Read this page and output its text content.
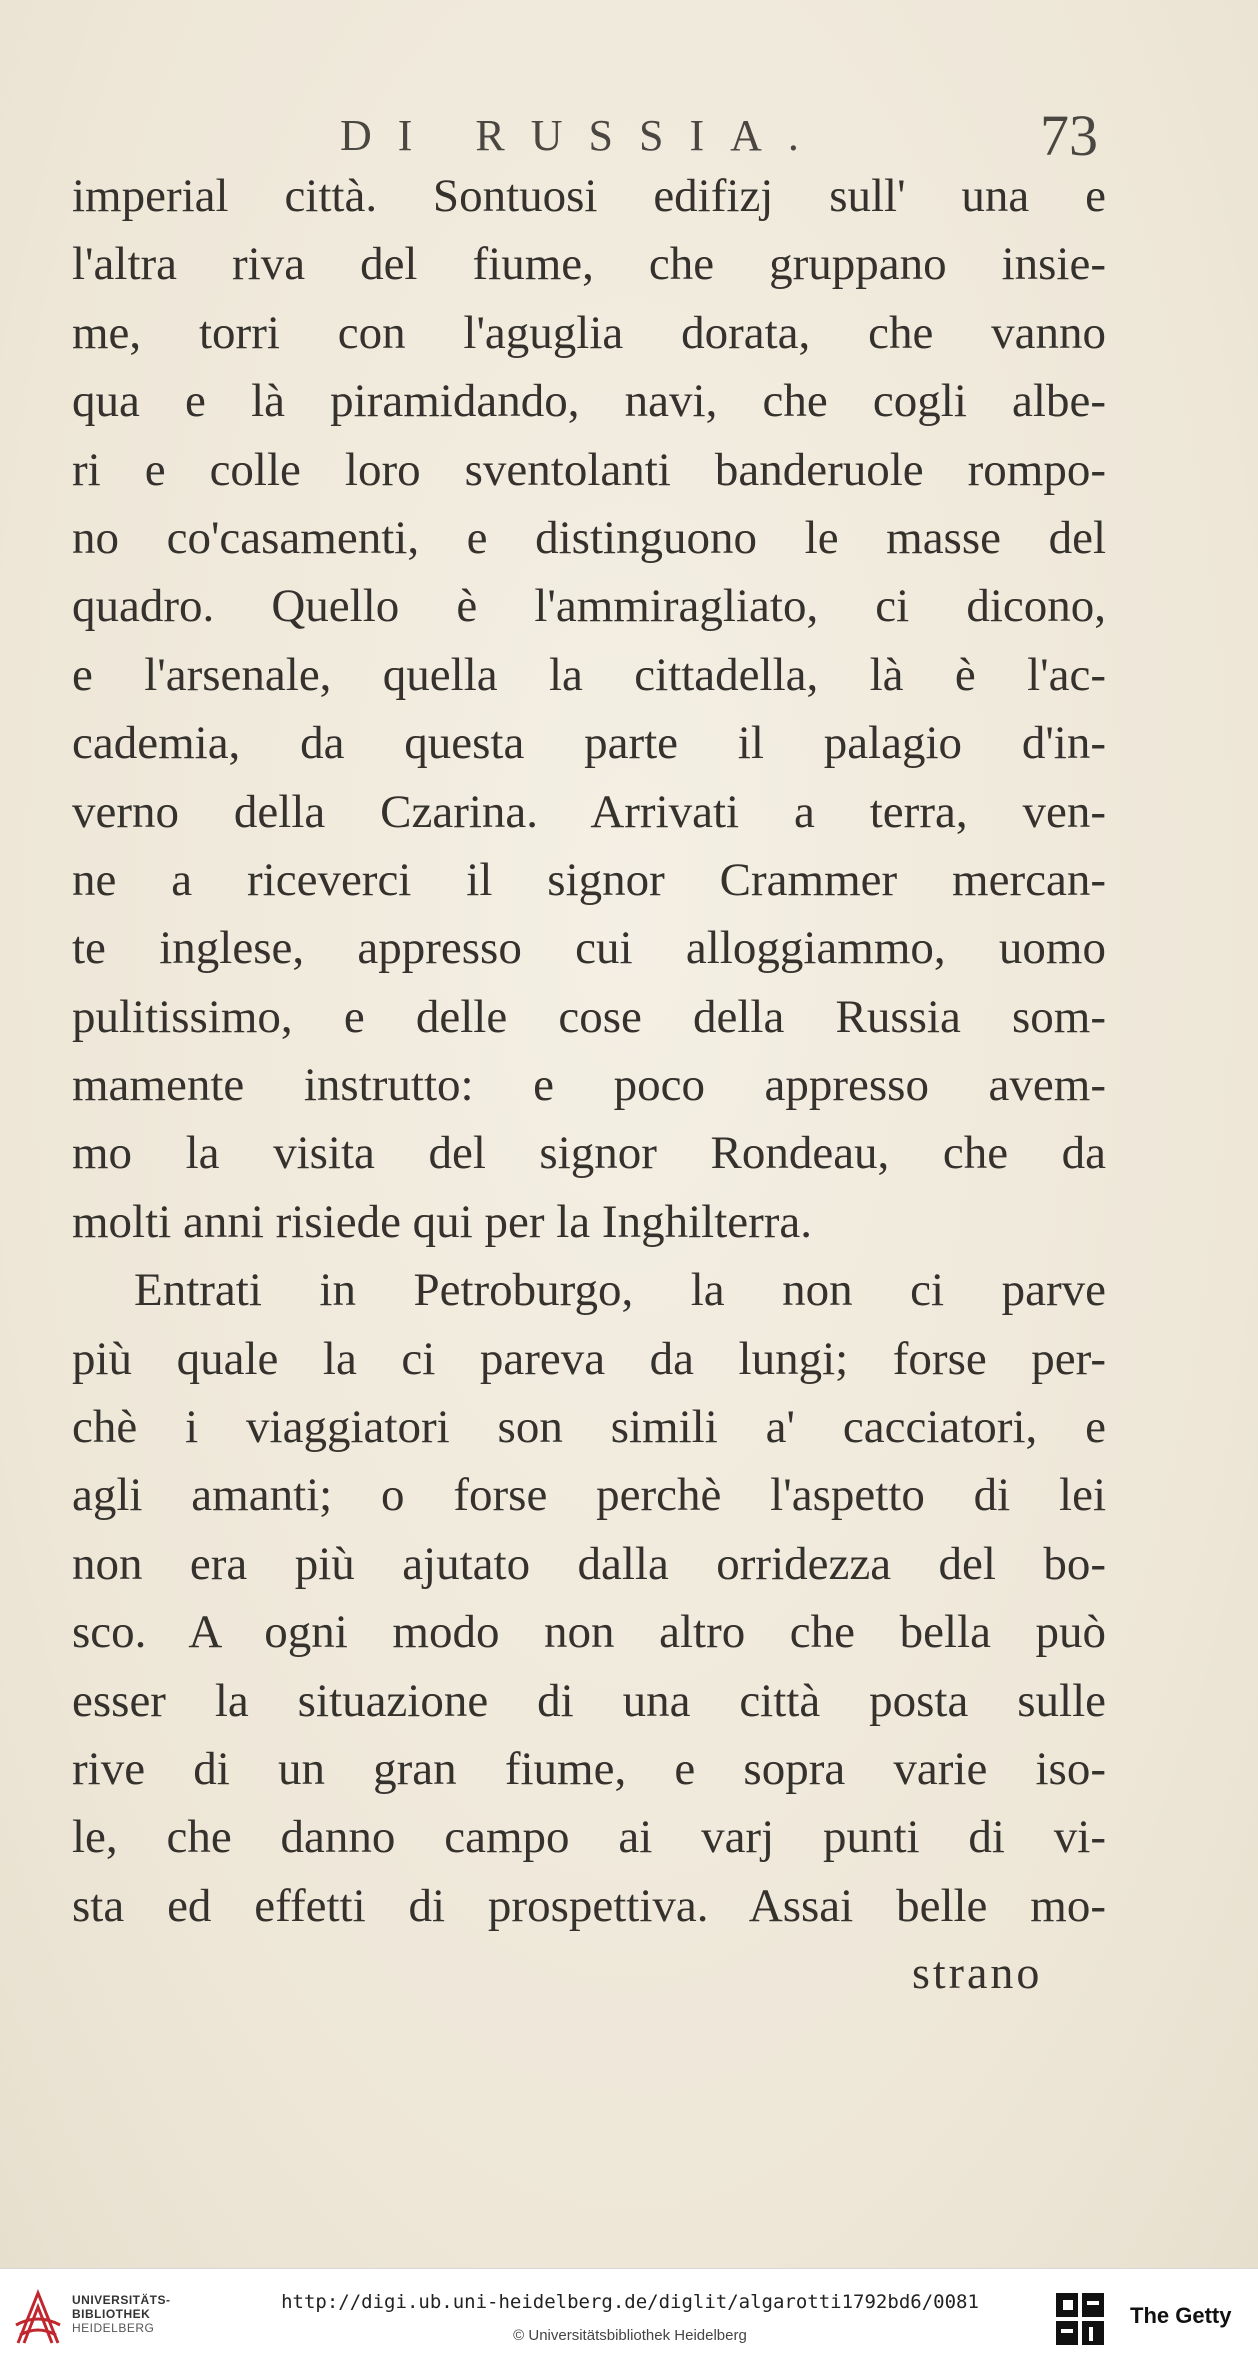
DI RUSSIA.	73
imperial città. Sontuosi edifizj sull' una e
l'altra riva del fiume, che gruppano insie-
me, torri con l'aguglia dorata, che vanno
qua e là piramidando, navi, che cogli albe-
ri e colle loro sventolanti banderuole rompo-
no co'casamenti, e distinguono le masse del
quadro. Quello è l'ammiragliato, ci dicono,
e l'arsenale, quella la cittadella, là è l'ac-
cademia, da questa parte il palagio d'in-
verno della Czarina. Arrivati a terra, ven-
ne a riceverci il signor Crammer mercan-
te inglese, appresso cui alloggiammo, uomo
pulitissimo, e delle cose della Russia som-
mamente instrutto: e poco appresso avem-
mo la visita del signor Rondeau, che da
molti anni risiede qui per la Inghilterra.
Entrati in Petroburgo, la non ci parve
più quale la ci pareva da lungi; forse per-
chè i viaggiatori son simili a' cacciatori, e
agli amanti; o forse perchè l'aspetto di lei
non era più ajutato dalla orridezza del bo-
sco. A ogni modo non altro che bella può
esser la situazione di una città posta sulle
rive di un gran fiume, e sopra varie iso-
le, che danno campo ai varj punti di vi-
sta ed effetti di prospettiva. Assai belle mo-
strano
UNIVERSITÄTS-
BIBLIOTHEK
HEIDELBERG
http://digi.ub.uni-heidelberg.de/diglit/algarotti1792bd6/0081
© Universitätsbibliothek Heidelberg
The Getty
